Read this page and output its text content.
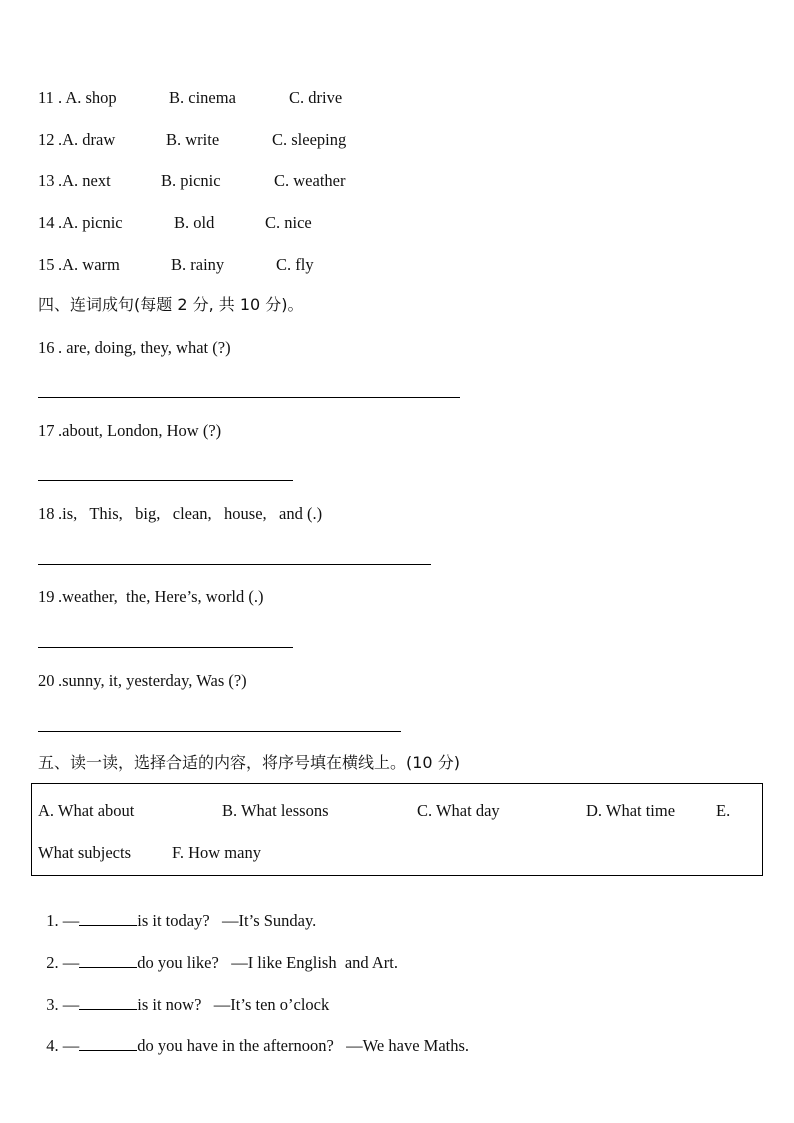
11 . A. shop	B. cinema	C. drive
12 .A. draw	B. write	C. sleeping
13 .A. next	B. picnic	C. weather
14 .A. picnic	B. old	C. nice
15 .A. warm	B. rainy	C. fly
四、连词成句(每题 2 分, 共 10 分)。
16 . are, doing, they, what (?)
17 .about, London, How (?)
18 .is,   This,   big,   clean,   house,   and (.)
19 .weather,  the, Here’s, world (.)
20 .sunny, it, yesterday, Was (?)
五、读一读，选择合适的内容，将序号填在横线上。(10 分)
A. What about	B. What lessons	C. What day	D. What time E.
What subjects F. How many

1. —	is it today?   —It’s Sunday.

2. —	do you like?   —I like English  and Art.

3. —	is it now?   —It’s ten o’clock

4. —	do you have in the afternoon?   —We have Maths.
